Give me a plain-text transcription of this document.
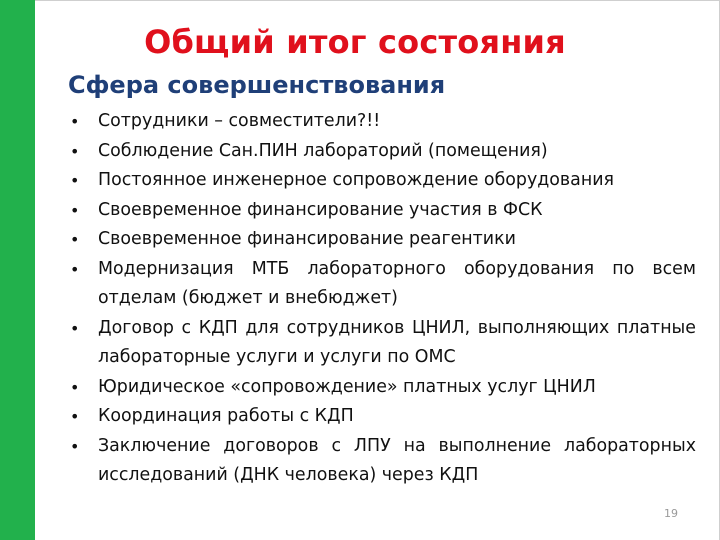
Общий итог состояния
Сфера совершенствования
• Сотрудники – совместители?!!
• Соблюдение Сан.ПИН лабораторий (помещения)
• Постоянное инженерное сопровождение оборудования
• Своевременное финансирование участия в ФСК
• Своевременное финансирование реагентики
• Модернизация МТБ лабораторного оборудования по всем отделам (бюджет и внебюджет)
• Договор с КДП для сотрудников ЦНИЛ, выполняющих платные лабораторные услуги и услуги по ОМС
• Юридическое «сопровождение» платных услуг ЦНИЛ
• Координация работы с КДП
• Заключение договоров с ЛПУ на выполнение лабораторных исследований (ДНК человека) через КДП
19
